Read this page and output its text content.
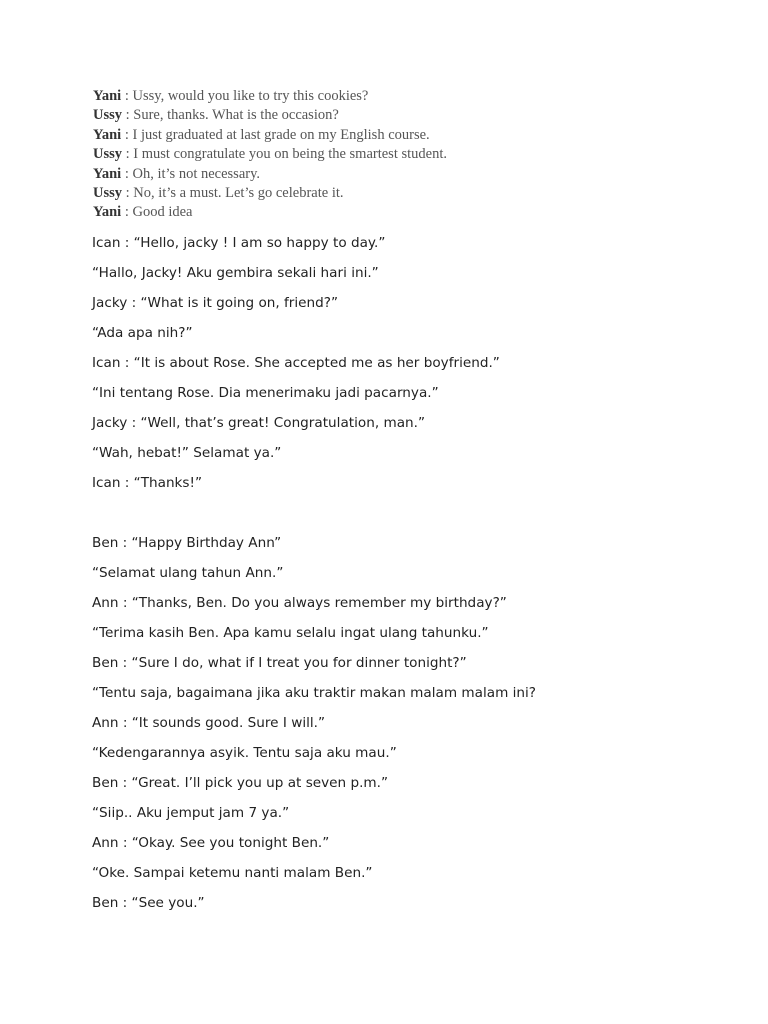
Yani : Ussy, would you like to try this cookies?
Ussy : Sure, thanks. What is the occasion?
Yani : I just graduated at last grade on my English course.
Ussy : I must congratulate you on being the smartest student.
Yani : Oh, it’s not necessary.
Ussy : No, it’s a must. Let’s go celebrate it.
Yani : Good idea
Ican : “Hello, jacky ! I am so happy to day.”
“Hallo, Jacky! Aku gembira sekali hari ini.”
Jacky : “What is it going on, friend?”
“Ada apa nih?”
Ican : “It is about Rose. She accepted me as her boyfriend.”
“Ini tentang Rose. Dia menerimaku jadi pacarnya.”
Jacky : “Well, that’s great! Congratulation, man.”
“Wah, hebat!” Selamat ya.”
Ican : “Thanks!”
Ben : “Happy Birthday Ann”
“Selamat ulang tahun Ann.”
Ann : “Thanks, Ben. Do you always remember my birthday?”
“Terima kasih Ben. Apa kamu selalu ingat ulang tahunku.”
Ben : “Sure I do, what if I treat you for dinner tonight?”
“Tentu saja, bagaimana jika aku traktir makan malam malam ini?
Ann : “It sounds good. Sure I will.”
“Kedengarannya asyik. Tentu saja aku mau.”
Ben : “Great. I’ll pick you up at seven p.m.”
“Siip.. Aku jemput jam 7 ya.”
Ann : “Okay. See you tonight Ben.”
“Oke. Sampai ketemu nanti malam Ben.”
Ben : “See you.”
